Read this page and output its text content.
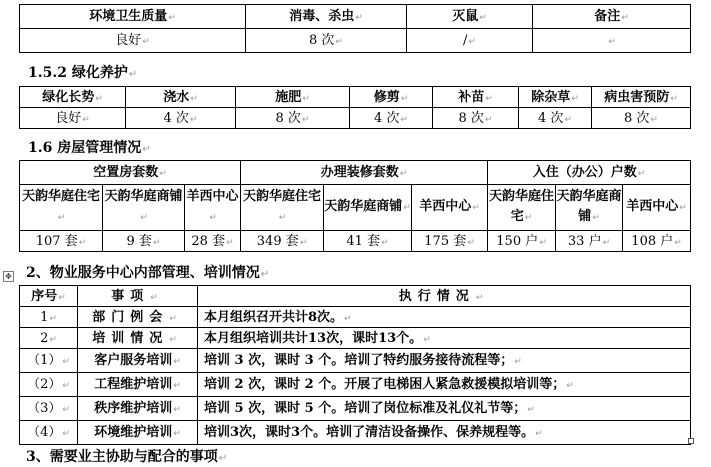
环境卫生质量↵	消毒、杀虫↵	灭鼠↵	备注↵
良好↵	8 次↵	/↵	↵
1.5.2 绿化养护↵
绿化长势↵	浇水↵	施肥↵	修剪↵	补苗↵	除杂草↵	病虫害预防↵
良好↵	4 次↵	8 次↵	4 次↵	8 次↵	4 次↵	8 次↵
1.6 房屋管理情况↵
空置房套数↵			办理装修套数↵			入住（办公）户数↵		
天韵华庭住宅↵	天韵华庭商铺↵	羊西中心↵	天韵华庭住宅↵	天韵华庭商铺↵	羊西中心↵	天韵华庭住宅↵	天韵华庭商铺↵	羊西中心↵
107 套↵	9 套↵	28 套↵	349 套↵	41 套↵	175 套↵	150 户↵	33 户↵	108 户↵
✥ 2、物业服务中心内部管理、培训情况↵
序号↵	事项↵	执行情况↵
1↵	部门例会↵	本月组织召开共计8次。↵
2↵	培训情况↵	本月组织培训共计13次，课时13个。↵
（1）↵	客户服务培训↵	培训 3 次，课时 3 个。培训了特约服务接待流程等；↵
（2）↵	工程维护培训↵	培训 2 次，课时 2 个。开展了电梯困人紧急救援模拟培训等；↵
（3）↵	秩序维护培训↵	培训 5 次，课时 5 个。培训了岗位标准及礼仪礼节等；↵
（4）↵	环境维护培训↵	培训3次，课时3个。培训了清洁设备操作、保养规程等。↵
3、需要业主协助与配合的事项↵
